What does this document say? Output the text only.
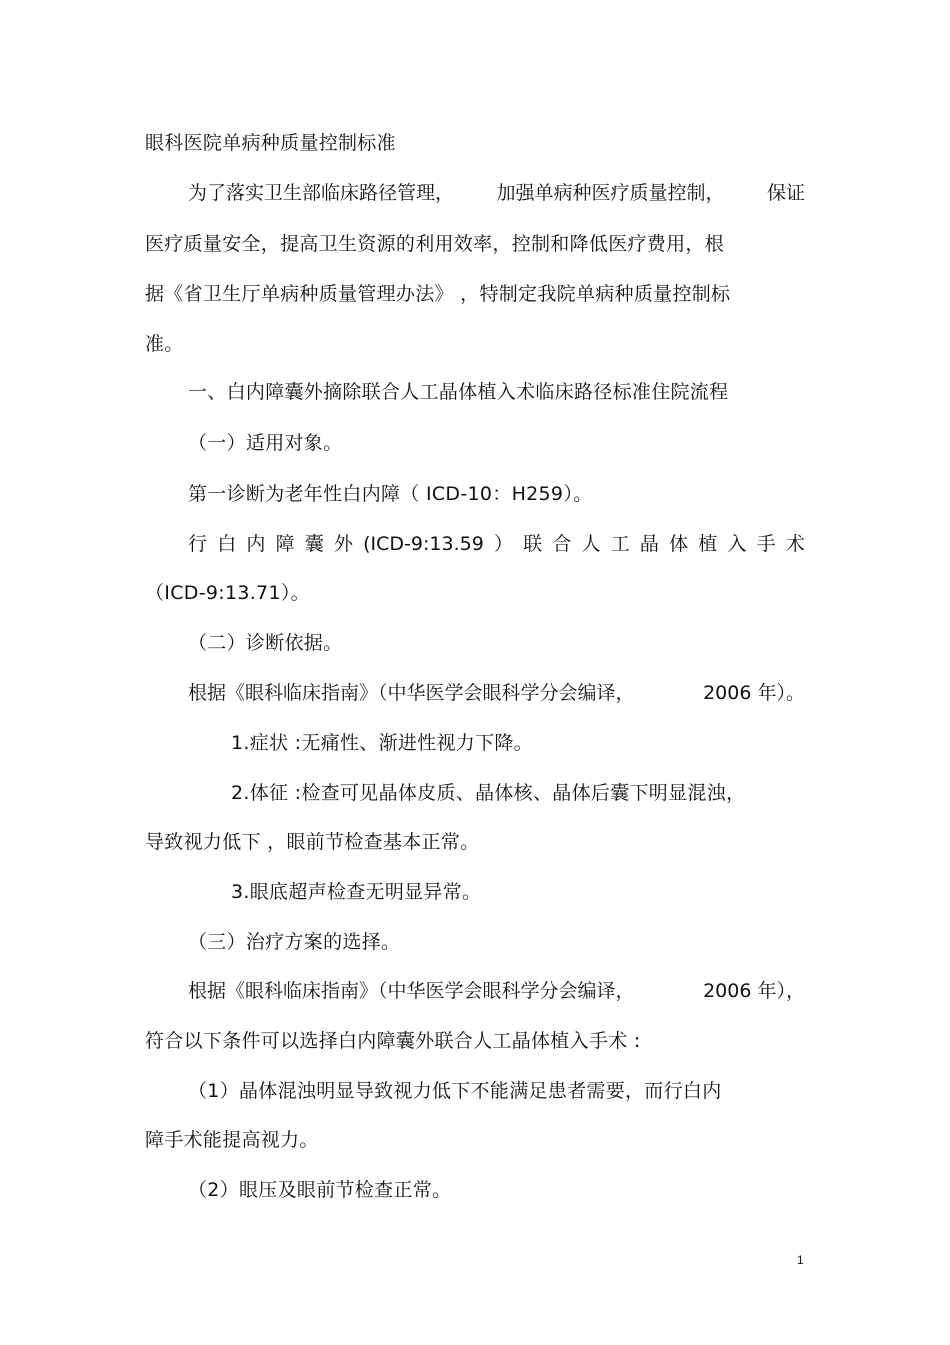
眼科医院单病种质量控制标准
为了落实卫生部临床路径管理， 加强单病种医疗质量控制， 保证
医疗质量安全，提高卫生资源的利用效率，控制和降低医疗费用，根
据《省卫生厅单病种质量管理办法》 ，特制定我院单病种质量控制标
准。
一、白内障囊外摘除联合人工晶体植入术临床路径标准住院流程
（一）适用对象。
第一诊断为老年性白内障（ ICD-10：H259）。
行 白 内 障 囊 外 (ICD-9:13.59 ） 联 合 人 工 晶 体 植 入 手 术
（ICD-9:13.71）。
（二）诊断依据。
根据《眼科临床指南》（中华医学会眼科学分会编译，	2006 年）。
1.症状 :无痛性、渐进性视力下降。
2.体征 :检查可见晶体皮质、晶体核、晶体后囊下明显混浊，
导致视力低下 ，眼前节检查基本正常。
3.眼底超声检查无明显异常。
（三）治疗方案的选择。
根据《眼科临床指南》（中华医学会眼科学分会编译，	2006 年），
符合以下条件可以选择白内障囊外联合人工晶体植入手术 :
（1）晶体混浊明显导致视力低下不能满足患者需要，而行白内
障手术能提高视力。
（2）眼压及眼前节检查正常。
1
